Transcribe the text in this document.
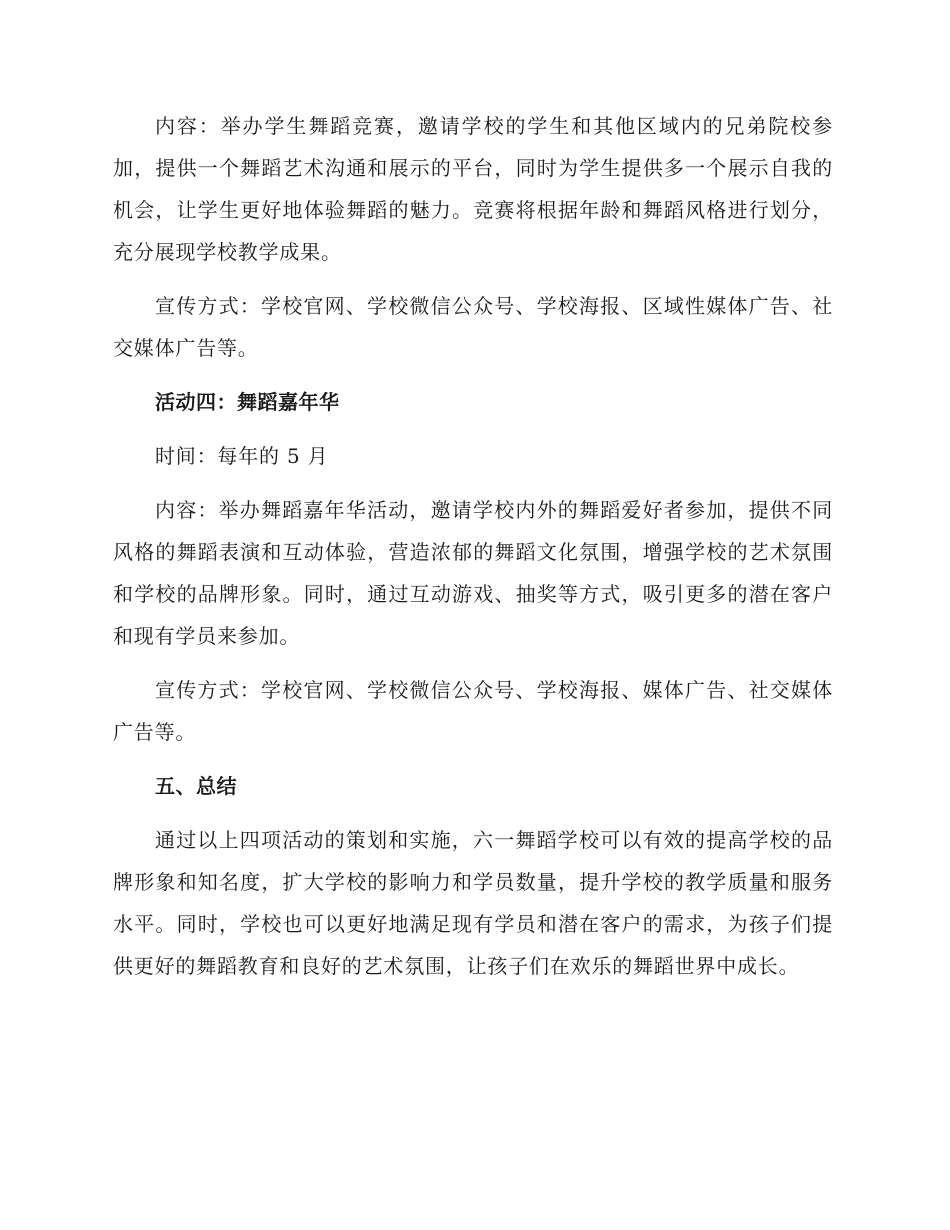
内容：举办学生舞蹈竞赛，邀请学校的学生和其他区域内的兄弟院校参加，提供一个舞蹈艺术沟通和展示的平台，同时为学生提供多一个展示自我的机会，让学生更好地体验舞蹈的魅力。竞赛将根据年龄和舞蹈风格进行划分，充分展现学校教学成果。

宣传方式：学校官网、学校微信公众号、学校海报、区域性媒体广告、社交媒体广告等。

活动四：舞蹈嘉年华

时间：每年的 5 月

内容：举办舞蹈嘉年华活动，邀请学校内外的舞蹈爱好者参加，提供不同风格的舞蹈表演和互动体验，营造浓郁的舞蹈文化氛围，增强学校的艺术氛围和学校的品牌形象。同时，通过互动游戏、抽奖等方式，吸引更多的潜在客户和现有学员来参加。

宣传方式：学校官网、学校微信公众号、学校海报、媒体广告、社交媒体广告等。

五、总结

通过以上四项活动的策划和实施，六一舞蹈学校可以有效的提高学校的品牌形象和知名度，扩大学校的影响力和学员数量，提升学校的教学质量和服务水平。同时，学校也可以更好地满足现有学员和潜在客户的需求，为孩子们提供更好的舞蹈教育和良好的艺术氛围，让孩子们在欢乐的舞蹈世界中成长。
